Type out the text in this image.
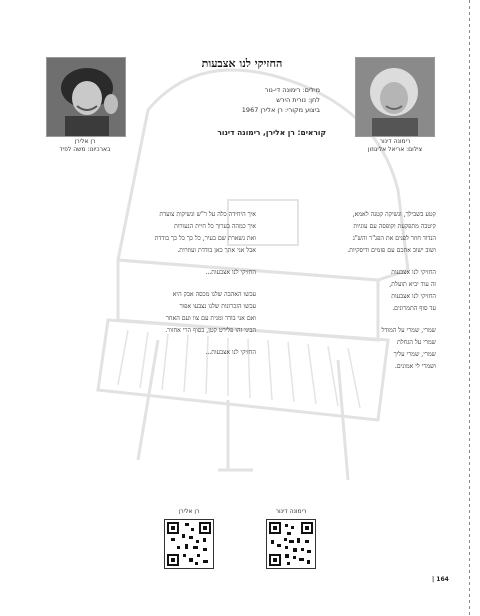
רן אלירן
בארכיונו: משה לפיד
רימונה דינור
צילום: אריאל אליגוזון
החזיקי לנו אצבעות
מילים: רימונה די-נור
לחן: נורית הירש
ביצוע מקורי: רן אלירן 1967
קוראים: רן אלירן, רימונה דינור
קטע בשבילך, ונשיקה קטנה לאמא,
קיטבה מתפקעת וקופסה עם עוגיות
הנדוד חוזר לפנים את הפג"ר והש"ג
ושוב ישוב אתכם עם פזמים ודיסקיות.
החזיקי לנו אצבעות
זה עוד יביא תועלת,
החזיקי לנו אצבעות
עד סוף התמרונים.
שמרי, שמרי על המודל
שמרי על הגחלת
שמרי, שמרי עליך
ושמרי לי אמונים.
איך היחידה כלה על ר"ש ונשיקות צועדת
איך כמהה בערוך כל חיית הנעורות
ואת נשארת שם בעיר, כל כך כל כך בודדת
אבל אני אתך כאן בודדת ועוזרות.
החזיקי לנו אצבעות...
עכשו האהבה שלנו מכסה אבק היא
עכשו הזכרונות שלנו נצבעו אפור
ואם אני בודד ומנית עם צוו ועם האחר
הביני זהו פלירט קטן, בסוף הרי אחזור.
החזיקי לנו אצבעות...
רימונה דינור
רן אלירן
| 164
